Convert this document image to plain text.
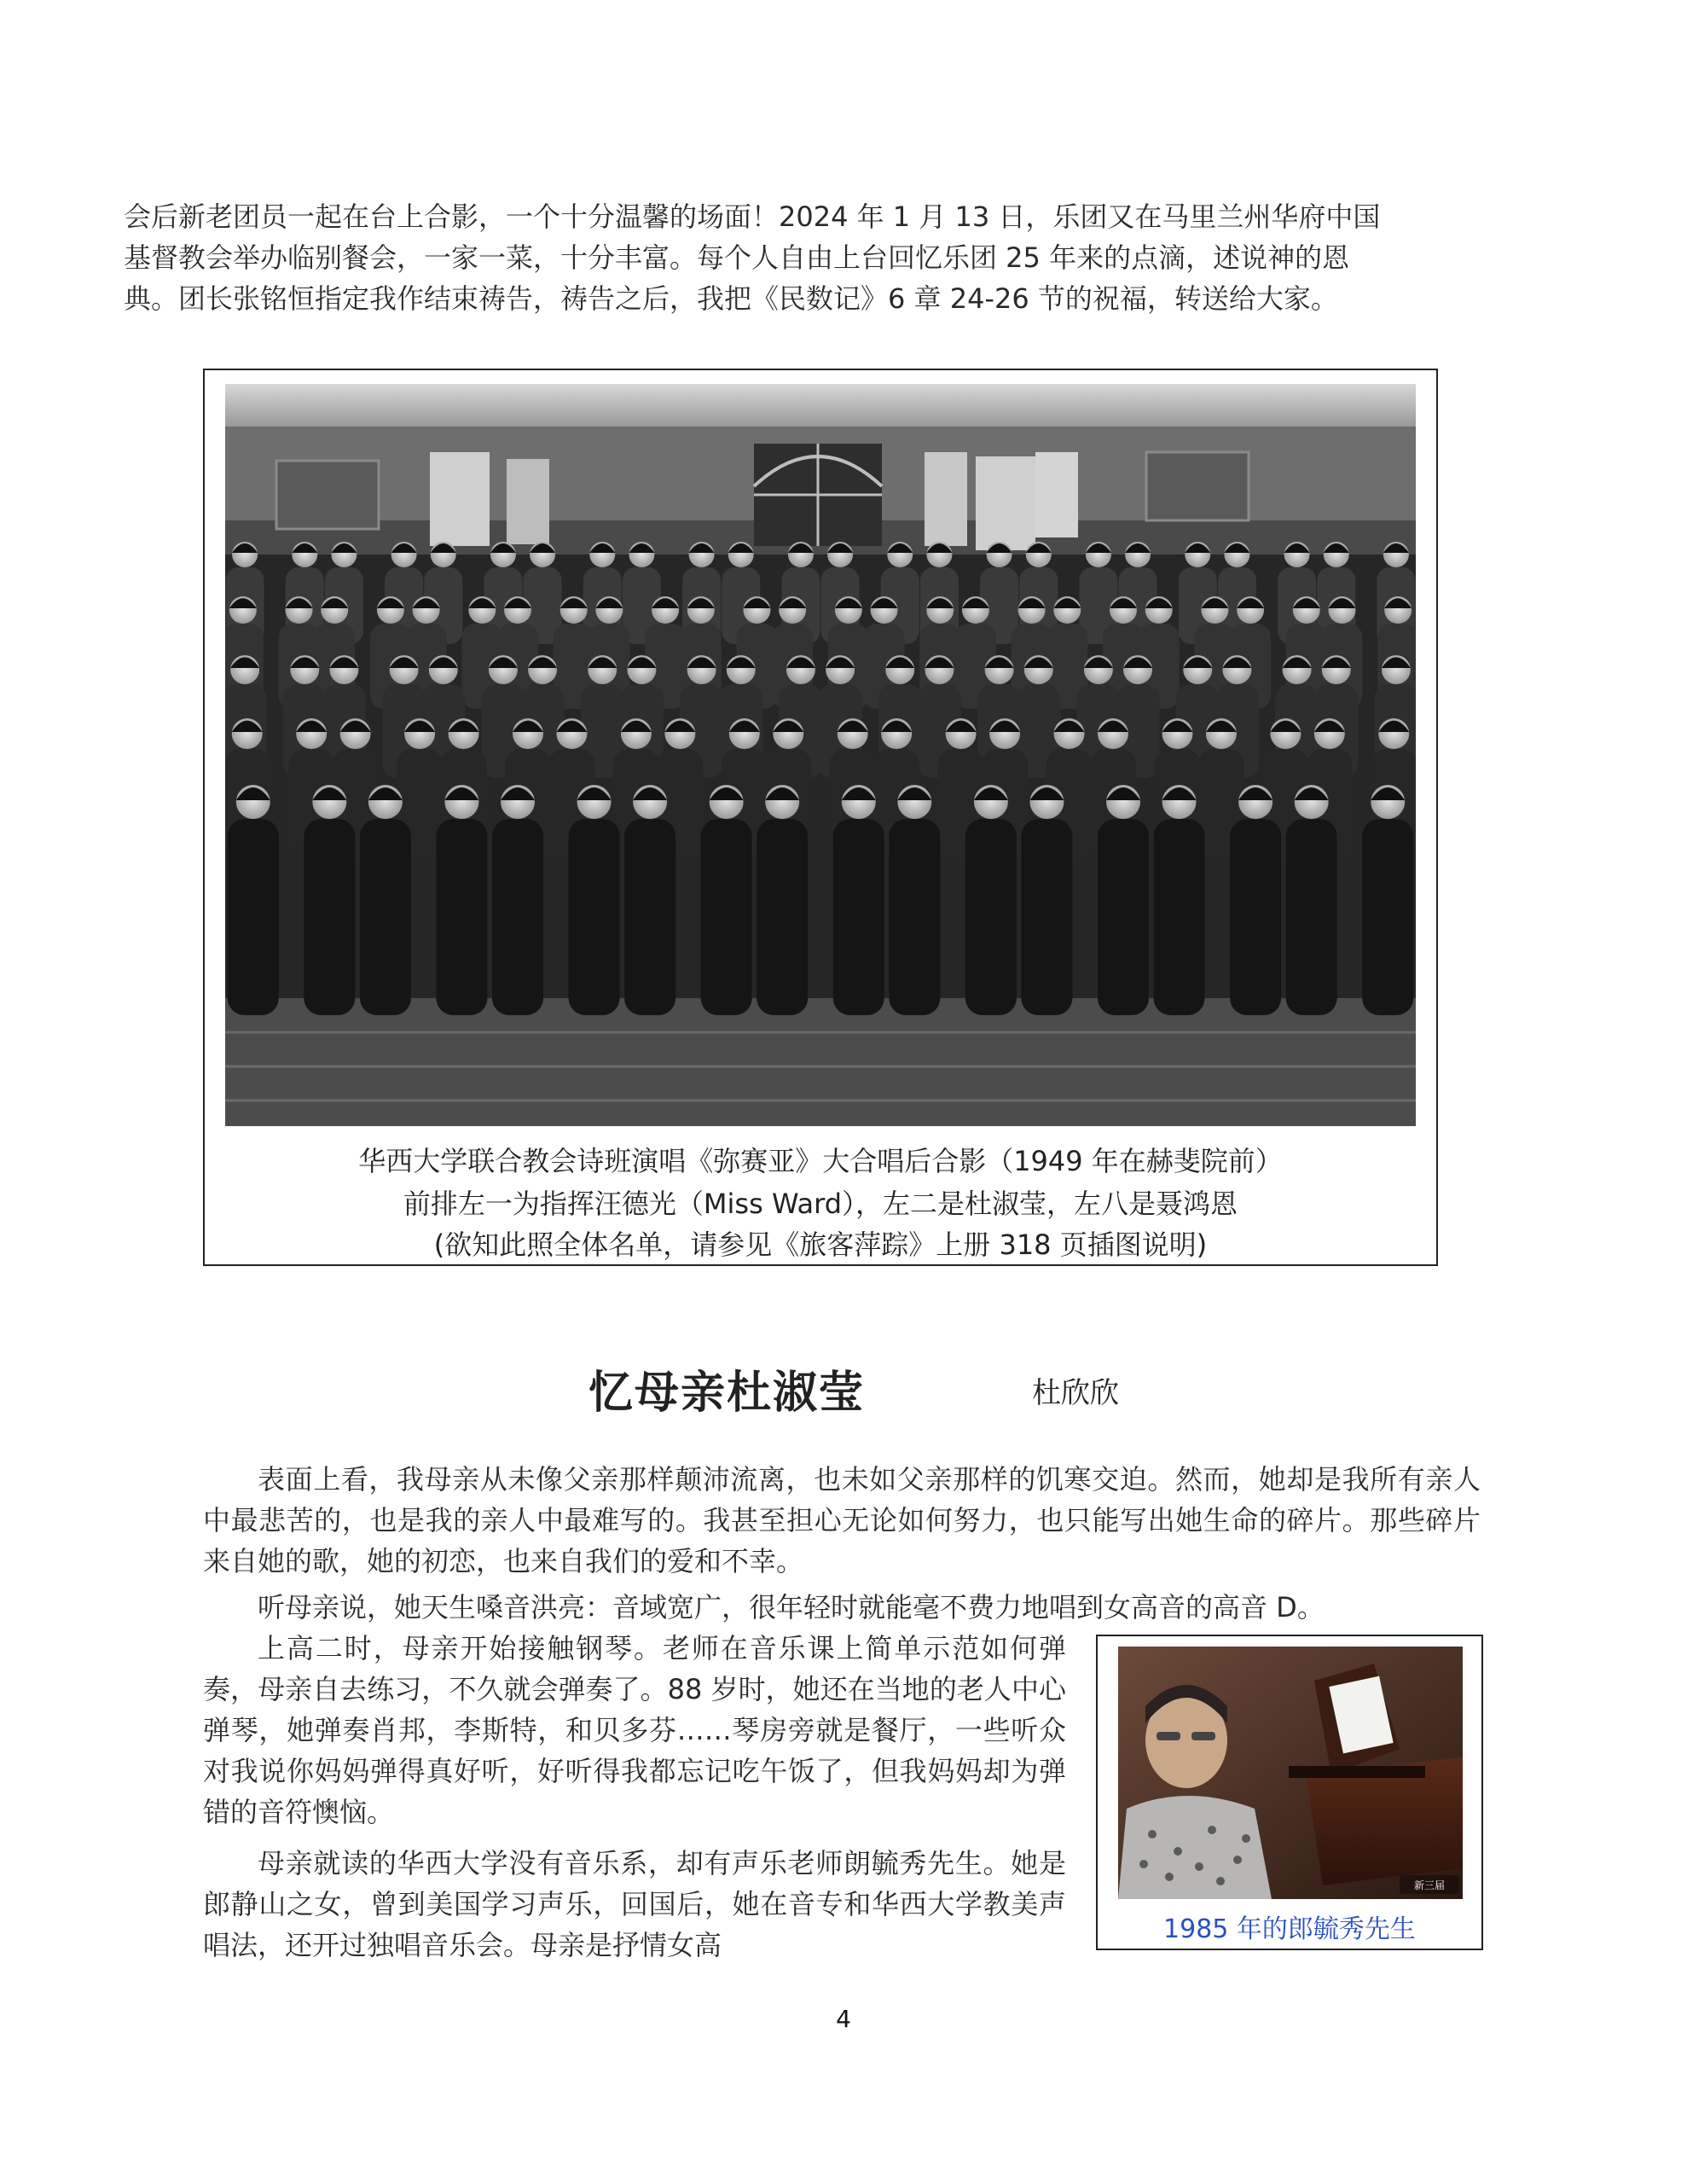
会后新老团员一起在台上合影，一个十分温馨的场面！2024 年 1 月 13 日，乐团又在马里兰州华府中国
基督教会举办临别餐会，一家一菜，十分丰富。每个人自由上台回忆乐团 25 年来的点滴，述说神的恩
典。团长张铭恒指定我作结束祷告，祷告之后，我把《民数记》6 章 24-26 节的祝福，转送给大家。
华西大学联合教会诗班演唱《弥赛亚》大合唱后合影（1949 年在赫斐院前）
前排左一为指挥汪德光（Miss Ward），左二是杜淑莹，左八是聂鸿恩
(欲知此照全体名单，请参见《旅客萍踪》上册 318 页插图说明)
忆母亲杜淑莹	杜欣欣

表面上看，我母亲从未像父亲那样颠沛流离，也未如父亲那样的饥寒交迫。然而，她却是我所有亲人中最悲苦的，也是我的亲人中最难写的。我甚至担心无论如何努力，也只能写出她生命的碎片。那些碎片来自她的歌，她的初恋，也来自我们的爱和不幸。

听母亲说，她天生嗓音洪亮：音域宽广，很年轻时就能毫不费力地唱到女高音的高音 D。

上高二时，母亲开始接触钢琴。老师在音乐课上简单示范如何弹奏，母亲自去练习，不久就会弹奏了。88 岁时，她还在当地的老人中心弹琴，她弹奏肖邦，李斯特，和贝多芬……琴房旁就是餐厅，一些听众对我说你妈妈弹得真好听，好听得我都忘记吃午饭了，但我妈妈却为弹错的音符懊恼。

母亲就读的华西大学没有音乐系，却有声乐老师朗毓秀先生。她是郎静山之女，曾到美国学习声乐，回国后，她在音专和华西大学教美声唱法，还开过独唱音乐会。母亲是抒情女高

新三届
1985 年的郎毓秀先生
4
